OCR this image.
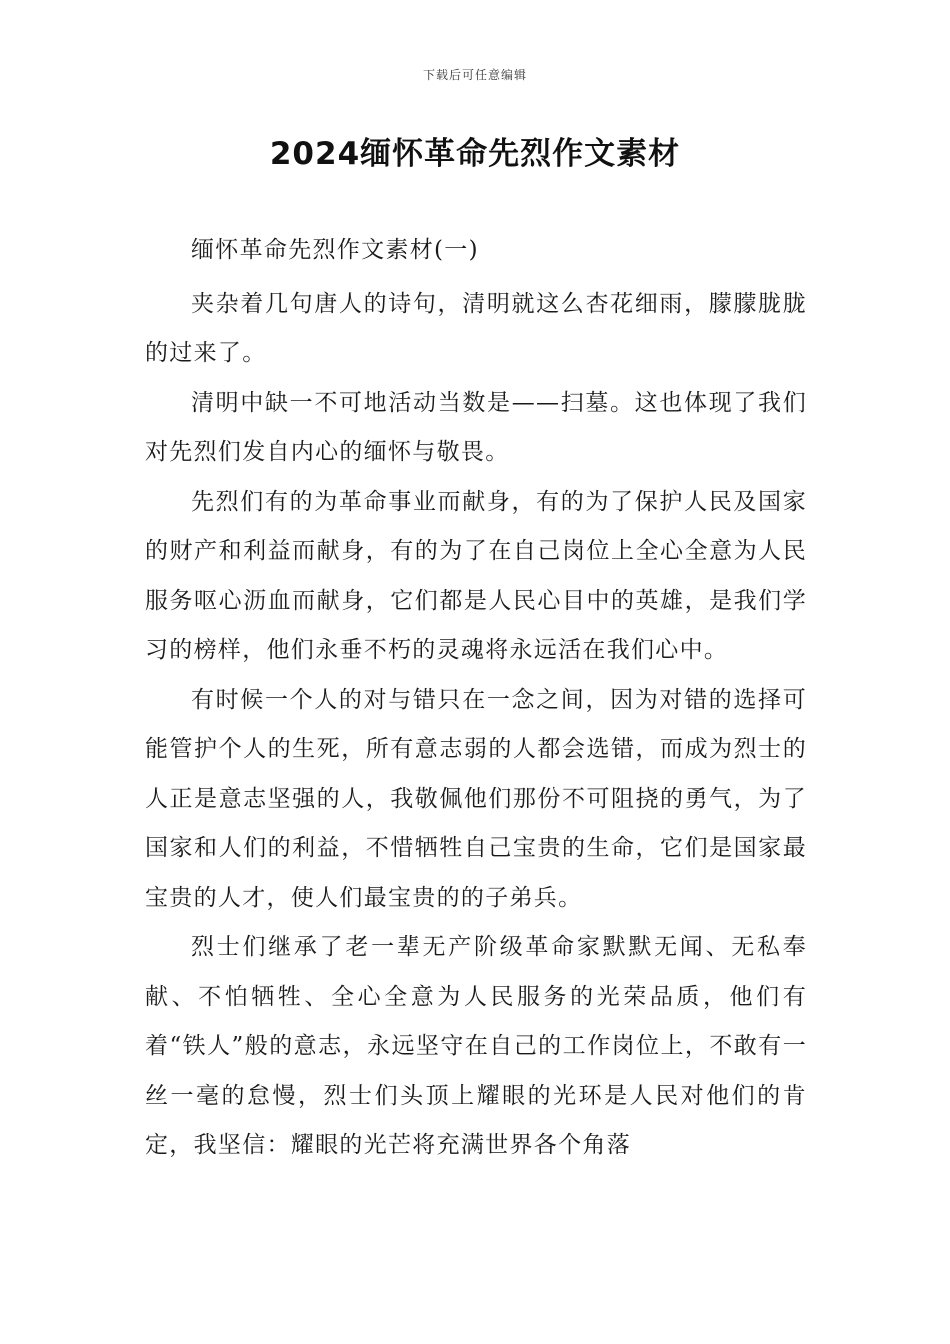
下载后可任意编辑
2024缅怀革命先烈作文素材

缅怀革命先烈作文素材(一)

夹杂着几句唐人的诗句，清明就这么杏花细雨，朦朦胧胧的过来了。

清明中缺一不可地活动当数是——扫墓。这也体现了我们对先烈们发自内心的缅怀与敬畏。

先烈们有的为革命事业而献身，有的为了保护人民及国家的财产和利益而献身，有的为了在自己岗位上全心全意为人民服务呕心沥血而献身，它们都是人民心目中的英雄，是我们学习的榜样，他们永垂不朽的灵魂将永远活在我们心中。

有时候一个人的对与错只在一念之间，因为对错的选择可能管护个人的生死，所有意志弱的人都会选错，而成为烈士的人正是意志坚强的人，我敬佩他们那份不可阻挠的勇气，为了国家和人们的利益，不惜牺牲自己宝贵的生命，它们是国家最宝贵的人才，使人们最宝贵的的子弟兵。

烈士们继承了老一辈无产阶级革命家默默无闻、无私奉献、不怕牺牲、全心全意为人民服务的光荣品质，他们有着“铁人”般的意志，永远坚守在自己的工作岗位上，不敢有一丝一毫的怠慢，烈士们头顶上耀眼的光环是人民对他们的肯定，我坚信：耀眼的光芒将充满世界各个角落
